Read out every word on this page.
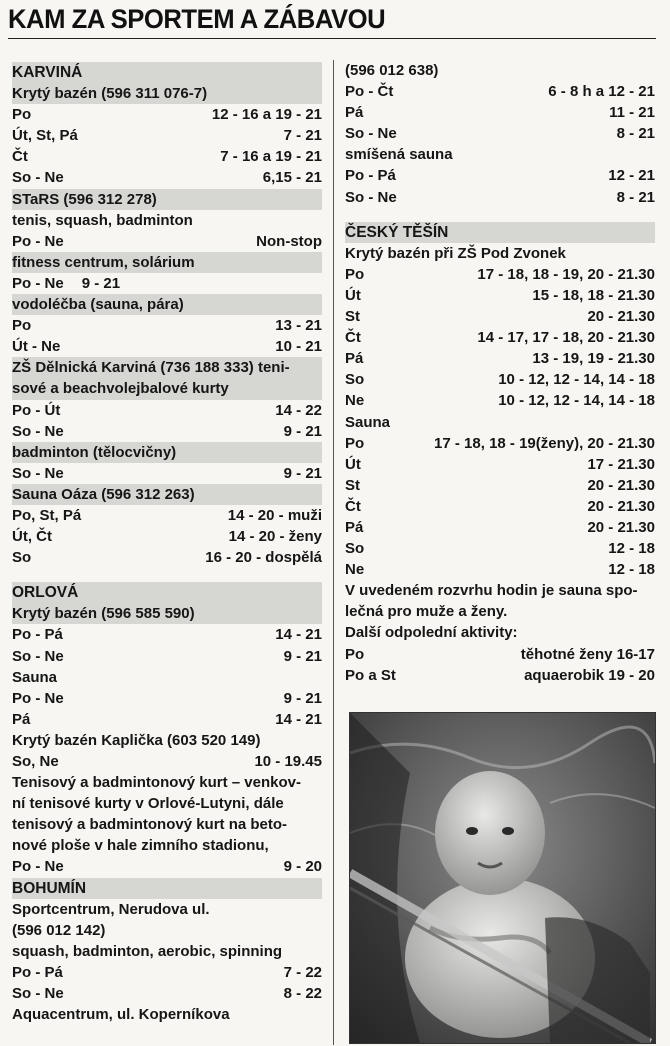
KAM ZA SPORTEM A ZÁBAVOU
KARVINÁ
Krytý bazén (596 311 076-7)
Po	12 - 16 a 19 - 21
Út, St, Pá	7 - 21
Čt	7 - 16 a 19 - 21
So - Ne	6,15 - 21
STaRS (596 312 278)
tenis, squash, badminton
Po - Ne	Non-stop
fitness centrum, solárium
Po - Ne 9 - 21
vodoléčba (sauna, pára)
Po	13 - 21
Út - Ne	10 - 21
ZŠ Dělnická Karviná (736 188 333) teni-
sové a beachvolejbalové kurty
Po - Út	14 - 22
So - Ne	9 - 21
badminton (tělocvičny)
So - Ne	9 - 21
Sauna Oáza (596 312 263)
Po, St, Pá	14 - 20 - muži
Út, Čt	14 - 20 - ženy
So	16 - 20 - dospělá
ORLOVÁ
Krytý bazén (596 585 590)
Po - Pá	14 - 21
So - Ne	9 - 21
Sauna
Po - Ne	9 - 21
Pá	14 - 21
Krytý bazén Kaplička (603 520 149)
So, Ne	10 - 19.45
Tenisový a badmintonový kurt – venkov-
ní tenisové kurty v Orlové-Lutyni, dále
tenisový a badmintonový kurt na beto-
nové ploše v hale zimního stadionu,
Po - Ne	9 - 20
BOHUMÍN
Sportcentrum, Nerudova ul.
(596 012 142)
squash, badminton, aerobic, spinning
Po - Pá	7 - 22
So - Ne	8 - 22
Aquacentrum, ul. Koperníkova
(596 012 638)
Po - Čt	6 - 8 h a 12 - 21
Pá	11 - 21
So - Ne	8 - 21
smíšená sauna
Po - Pá	12 - 21
So - Ne	8 - 21
ČESKÝ TĚŠÍN
Krytý bazén při ZŠ Pod Zvonek
Po	17 - 18, 18 - 19, 20 - 21.30
Út	15 - 18, 18 - 21.30
St	20 - 21.30
Čt	14 - 17, 17 - 18, 20 - 21.30
Pá	13 - 19, 19 - 21.30
So	10 - 12, 12 - 14, 14 - 18
Ne	10 - 12, 12 - 14, 14 - 18
Sauna
Po	17 - 18, 18 - 19(ženy), 20 - 21.30
Út	17 - 21.30
St	20 - 21.30
Čt	20 - 21.30
Pá	20 - 21.30
So	12 - 18
Ne	12 - 18
V uvedeném rozvrhu hodin je sauna spo-
lečná pro muže a ženy.
Další odpolední aktivity:
Po	těhotné ženy 16-17
Po a St	aquaerobik 19 - 20
